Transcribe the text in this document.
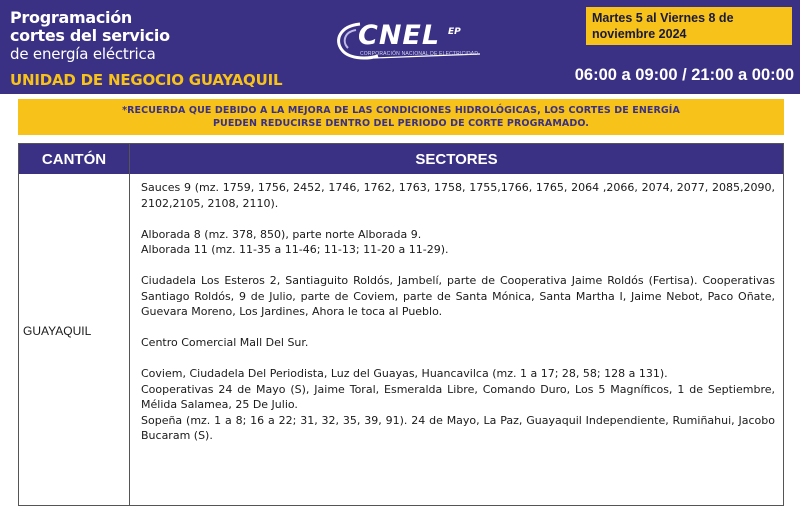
Programación
cortes del servicio
de energía eléctrica
UNIDAD DE NEGOCIO GUAYAQUIL
CNEL EP
CORPORACIÓN NACIONAL DE ELECTRICIDAD
Martes 5 al Viernes 8 de
noviembre 2024
06:00 a 09:00 / 21:00 a 00:00
*RECUERDA QUE DEBIDO A LA MEJORA DE LAS CONDICIONES HIDROLÓGICAS, LOS CORTES DE ENERGÍA
PUEDEN REDUCIRSE DENTRO DEL PERIODO DE CORTE PROGRAMADO.
CANTÓN	SECTORES
GUAYAQUIL
Sauces 9 (mz. 1759, 1756, 2452, 1746, 1762, 1763, 1758, 1755,1766, 1765, 2064 ,2066, 2074, 2077, 2085,2090, 2102,2105, 2108, 2110).
Alborada 8 (mz. 378, 850), parte norte Alborada 9.
Alborada 11 (mz. 11-35 a 11-46; 11-13; 11-20 a 11-29).
Ciudadela Los Esteros 2, Santiaguito Roldós, Jambelí, parte de Cooperativa Jaime Roldós (Fertisa). Cooperativas Santiago Roldós, 9 de Julio, parte de Coviem, parte de Santa Mónica, Santa Martha I, Jaime Nebot, Paco Oñate, Guevara Moreno, Los Jardines, Ahora le toca al Pueblo.
Centro Comercial Mall Del Sur.
Coviem, Ciudadela Del Periodista, Luz del Guayas, Huancavilca (mz. 1 a 17; 28, 58; 128 a 131).
Cooperativas 24 de Mayo (S), Jaime Toral, Esmeralda Libre, Comando Duro, Los 5 Magníficos, 1 de Septiembre, Mélida Salamea, 25 De Julio.
Sopeña (mz. 1 a 8; 16 a 22; 31, 32, 35, 39, 91). 24 de Mayo, La Paz, Guayaquil Independiente, Rumiñahui, Jacobo Bucaram (S).
